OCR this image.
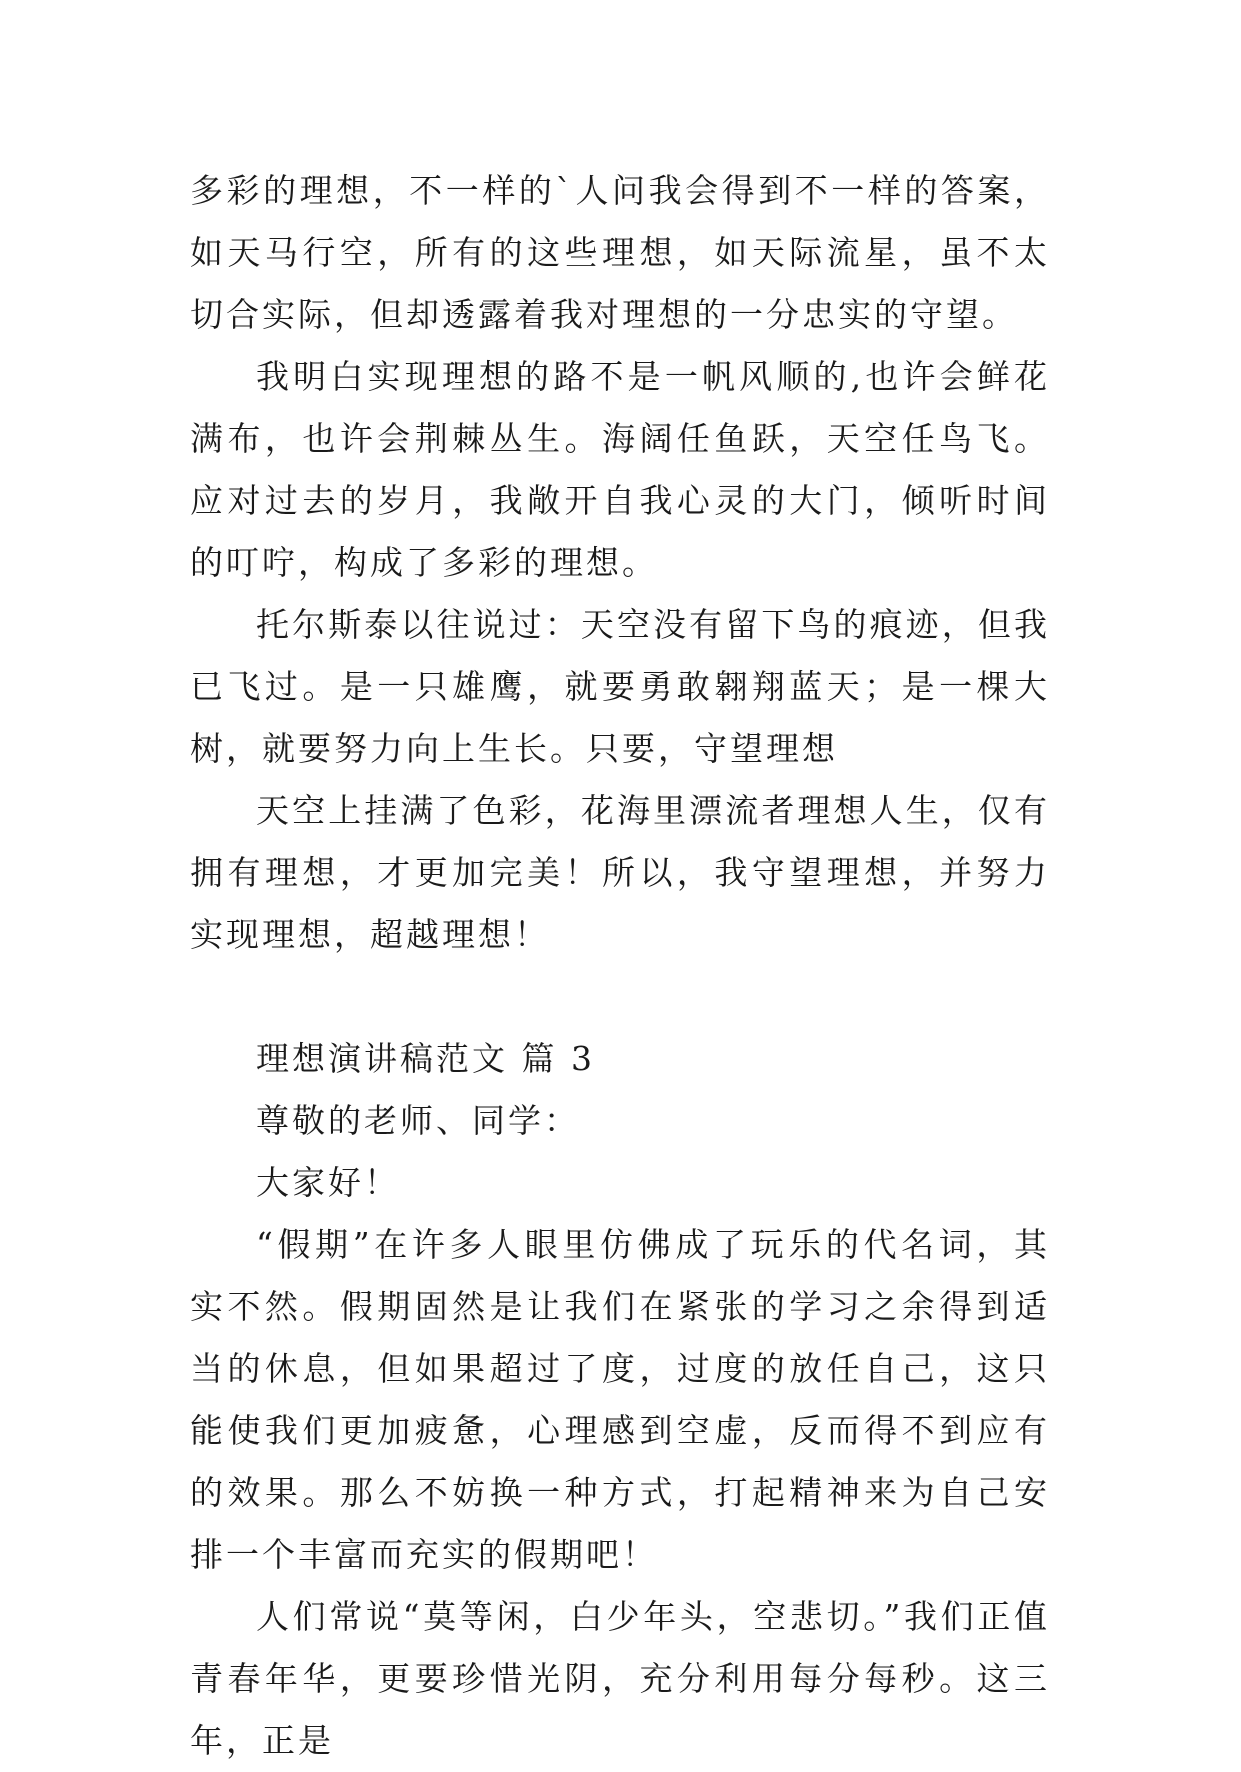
多彩的理想，不一样的`人问我会得到不一样的答案，如天马行空，所有的这些理想，如天际流星，虽不太切合实际，但却透露着我对理想的一分忠实的守望。

我明白实现理想的路不是一帆风顺的,也许会鲜花满布，也许会荆棘丛生。海阔任鱼跃，天空任鸟飞。应对过去的岁月，我敞开自我心灵的大门，倾听时间的叮咛，构成了多彩的理想。

托尔斯泰以往说过：天空没有留下鸟的痕迹，但我已飞过。是一只雄鹰，就要勇敢翱翔蓝天；是一棵大树，就要努力向上生长。只要，守望理想

天空上挂满了色彩，花海里漂流者理想人生，仅有拥有理想，才更加完美！所以，我守望理想，并努力实现理想，超越理想！

理想演讲稿范文 篇 3

尊敬的老师、同学：

大家好！

“假期”在许多人眼里仿佛成了玩乐的代名词，其实不然。假期固然是让我们在紧张的学习之余得到适当的休息，但如果超过了度，过度的放任自己，这只能使我们更加疲惫，心理感到空虚，反而得不到应有的效果。那么不妨换一种方式，打起精神来为自己安排一个丰富而充实的假期吧！

人们常说“莫等闲，白少年头，空悲切。”我们正值青春年华，更要珍惜光阴，充分利用每分每秒。这三年，正是
